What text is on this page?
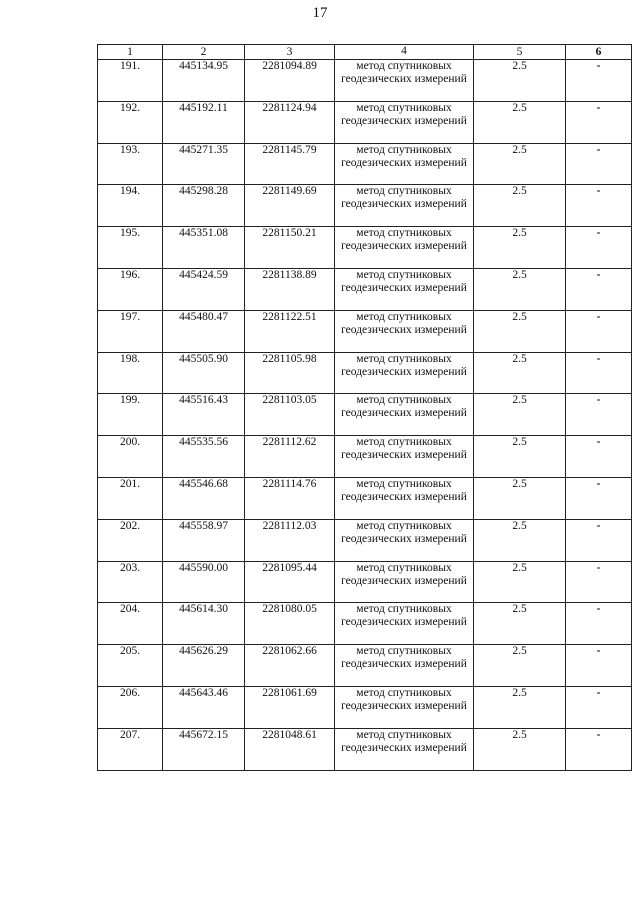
17
1	2	3	4	5	6
191.	445134.95	2281094.89	метод спутниковых геодезических измерений	2.5	-
192.	445192.11	2281124.94	метод спутниковых геодезических измерений	2.5	-
193.	445271.35	2281145.79	метод спутниковых геодезических измерений	2.5	-
194.	445298.28	2281149.69	метод спутниковых геодезических измерений	2.5	-
195.	445351.08	2281150.21	метод спутниковых геодезических измерений	2.5	-
196.	445424.59	2281138.89	метод спутниковых геодезических измерений	2.5	-
197.	445480.47	2281122.51	метод спутниковых геодезических измерений	2.5	-
198.	445505.90	2281105.98	метод спутниковых геодезических измерений	2.5	-
199.	445516.43	2281103.05	метод спутниковых геодезических измерений	2.5	-
200.	445535.56	2281112.62	метод спутниковых геодезических измерений	2.5	-
201.	445546.68	2281114.76	метод спутниковых геодезических измерений	2.5	-
202.	445558.97	2281112.03	метод спутниковых геодезических измерений	2.5	-
203.	445590.00	2281095.44	метод спутниковых геодезических измерений	2.5	-
204.	445614.30	2281080.05	метод спутниковых геодезических измерений	2.5	-
205.	445626.29	2281062.66	метод спутниковых геодезических измерений	2.5	-
206.	445643.46	2281061.69	метод спутниковых геодезических измерений	2.5	-
207.	445672.15	2281048.61	метод спутниковых геодезических измерений	2.5	-
